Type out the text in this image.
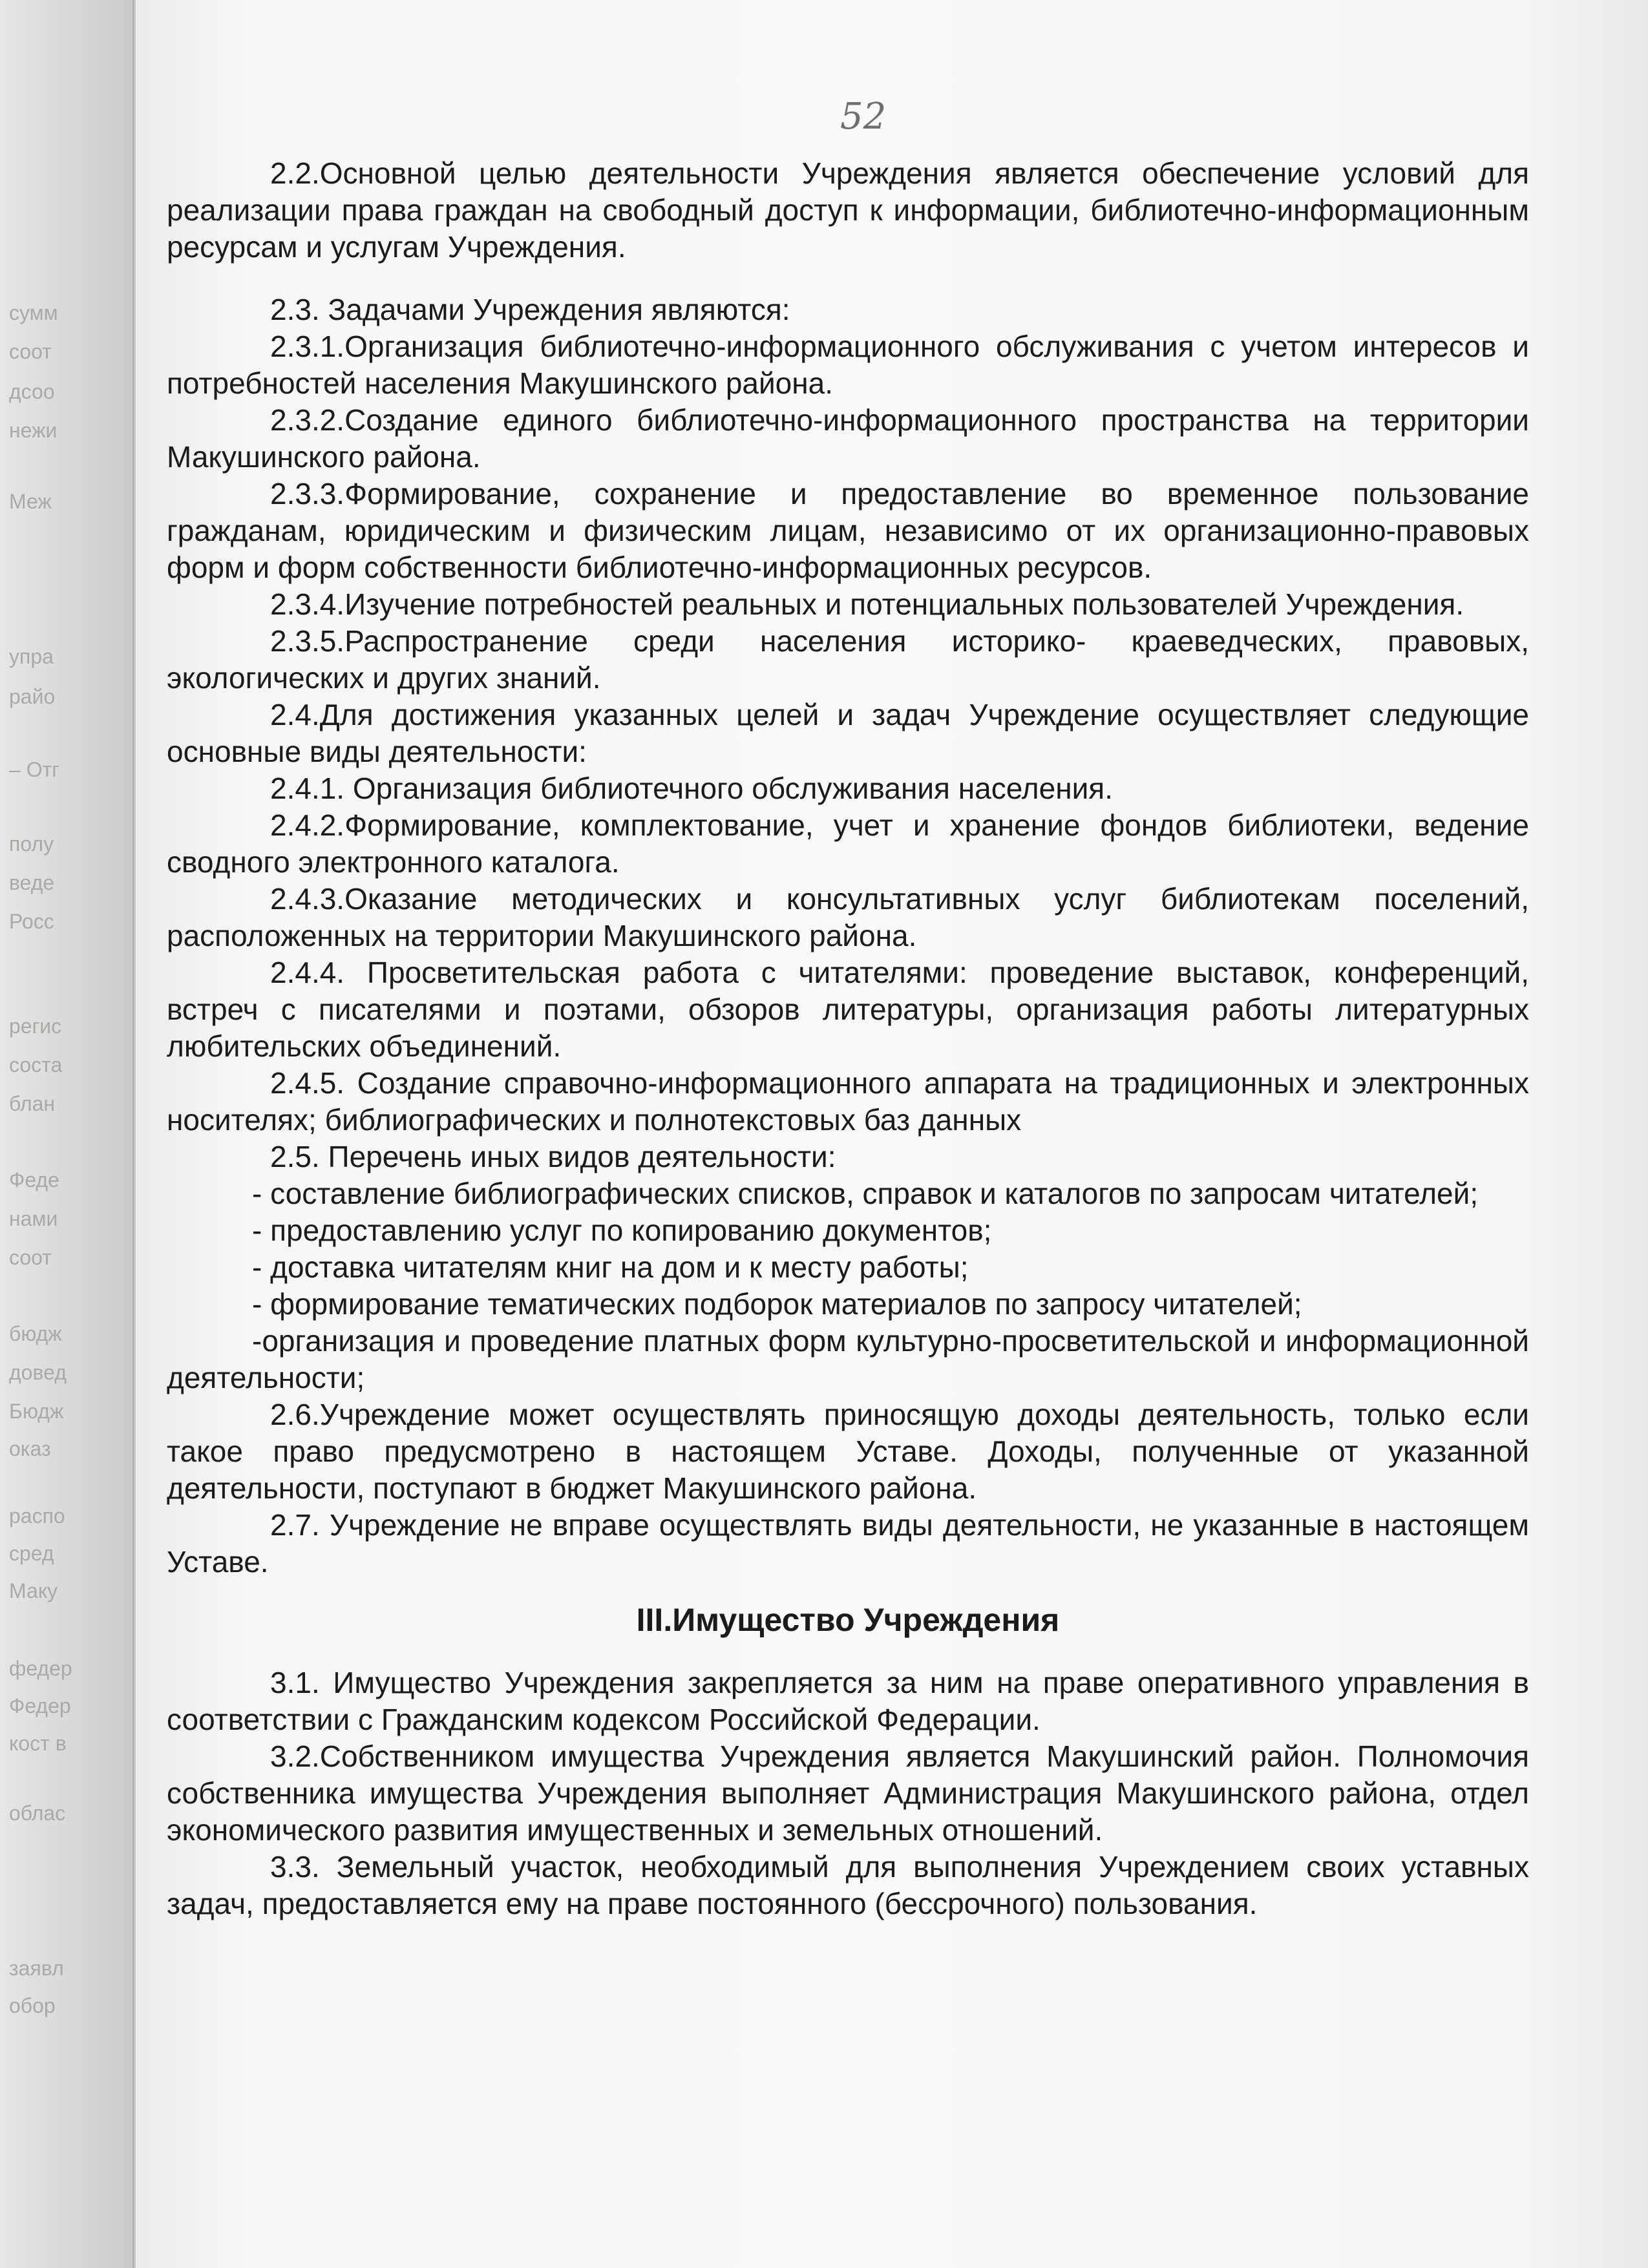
сумм
соот
дсоо
нежи
Меж
упра
райо
– Отг
полу
веде
Росс
регис
соста
блан
Феде
нами
соот
бюдж
довед
Бюдж
оказ
распо
сред
Маку
федер
Федер
кост в
облас
заявл
обор
52

2.2.Основной целью деятельности Учреждения является обеспечение условий для реализации права граждан на свободный доступ к информации, библиотечно-информационным ресурсам и услугам Учреждения.

2.3. Задачами Учреждения являются:

2.3.1.Организация библиотечно-информационного обслуживания с учетом интересов и потребностей населения Макушинского района.

2.3.2.Создание единого библиотечно-информационного пространства на территории Макушинского района.

2.3.3.Формирование, сохранение и предоставление во временное пользование гражданам, юридическим и физическим лицам, независимо от их организационно-правовых форм и форм собственности библиотечно-информационных ресурсов.

2.3.4.Изучение потребностей реальных и потенциальных пользователей Учреждения.

2.3.5.Распространение среди населения историко- краеведческих, правовых, экологических и других знаний.

2.4.Для достижения указанных целей и задач Учреждение осуществляет следующие основные виды деятельности:

2.4.1. Организация библиотечного обслуживания населения.

2.4.2.Формирование, комплектование, учет и хранение фондов библиотеки, ведение сводного электронного каталога.

2.4.3.Оказание методических и консультативных услуг библиотекам поселений, расположенных на территории Макушинского района.

2.4.4. Просветительская работа с читателями: проведение выставок, конференций, встреч с писателями и поэтами, обзоров литературы, организация работы литературных любительских объединений.

2.4.5. Создание справочно-информационного аппарата на традиционных и электронных носителях; библиографических и полнотекстовых баз данных

2.5. Перечень иных видов деятельности:

- составление библиографических списков, справок и каталогов по запросам читателей;

- предоставлению услуг по копированию документов;

- доставка читателям книг на дом и к месту работы;

- формирование тематических подборок материалов по запросу читателей;

-организация и проведение платных форм культурно-просветительской и информационной деятельности;

2.6.Учреждение может осуществлять приносящую доходы деятельность, только если такое право предусмотрено в настоящем Уставе. Доходы, полученные от указанной деятельности, поступают в бюджет Макушинского района.

2.7. Учреждение не вправе осуществлять виды деятельности, не указанные в настоящем Уставе.

III.Имущество Учреждения

3.1. Имущество Учреждения закрепляется за ним на праве оперативного управления в соответствии с Гражданским кодексом Российской Федерации.

3.2.Собственником имущества Учреждения является Макушинский район. Полномочия собственника имущества Учреждения выполняет Администрация Макушинского района, отдел экономического развития имущественных и земельных отношений.

3.3. Земельный участок, необходимый для выполнения Учреждением своих уставных задач, предоставляется ему на праве постоянного (бессрочного) пользования.
